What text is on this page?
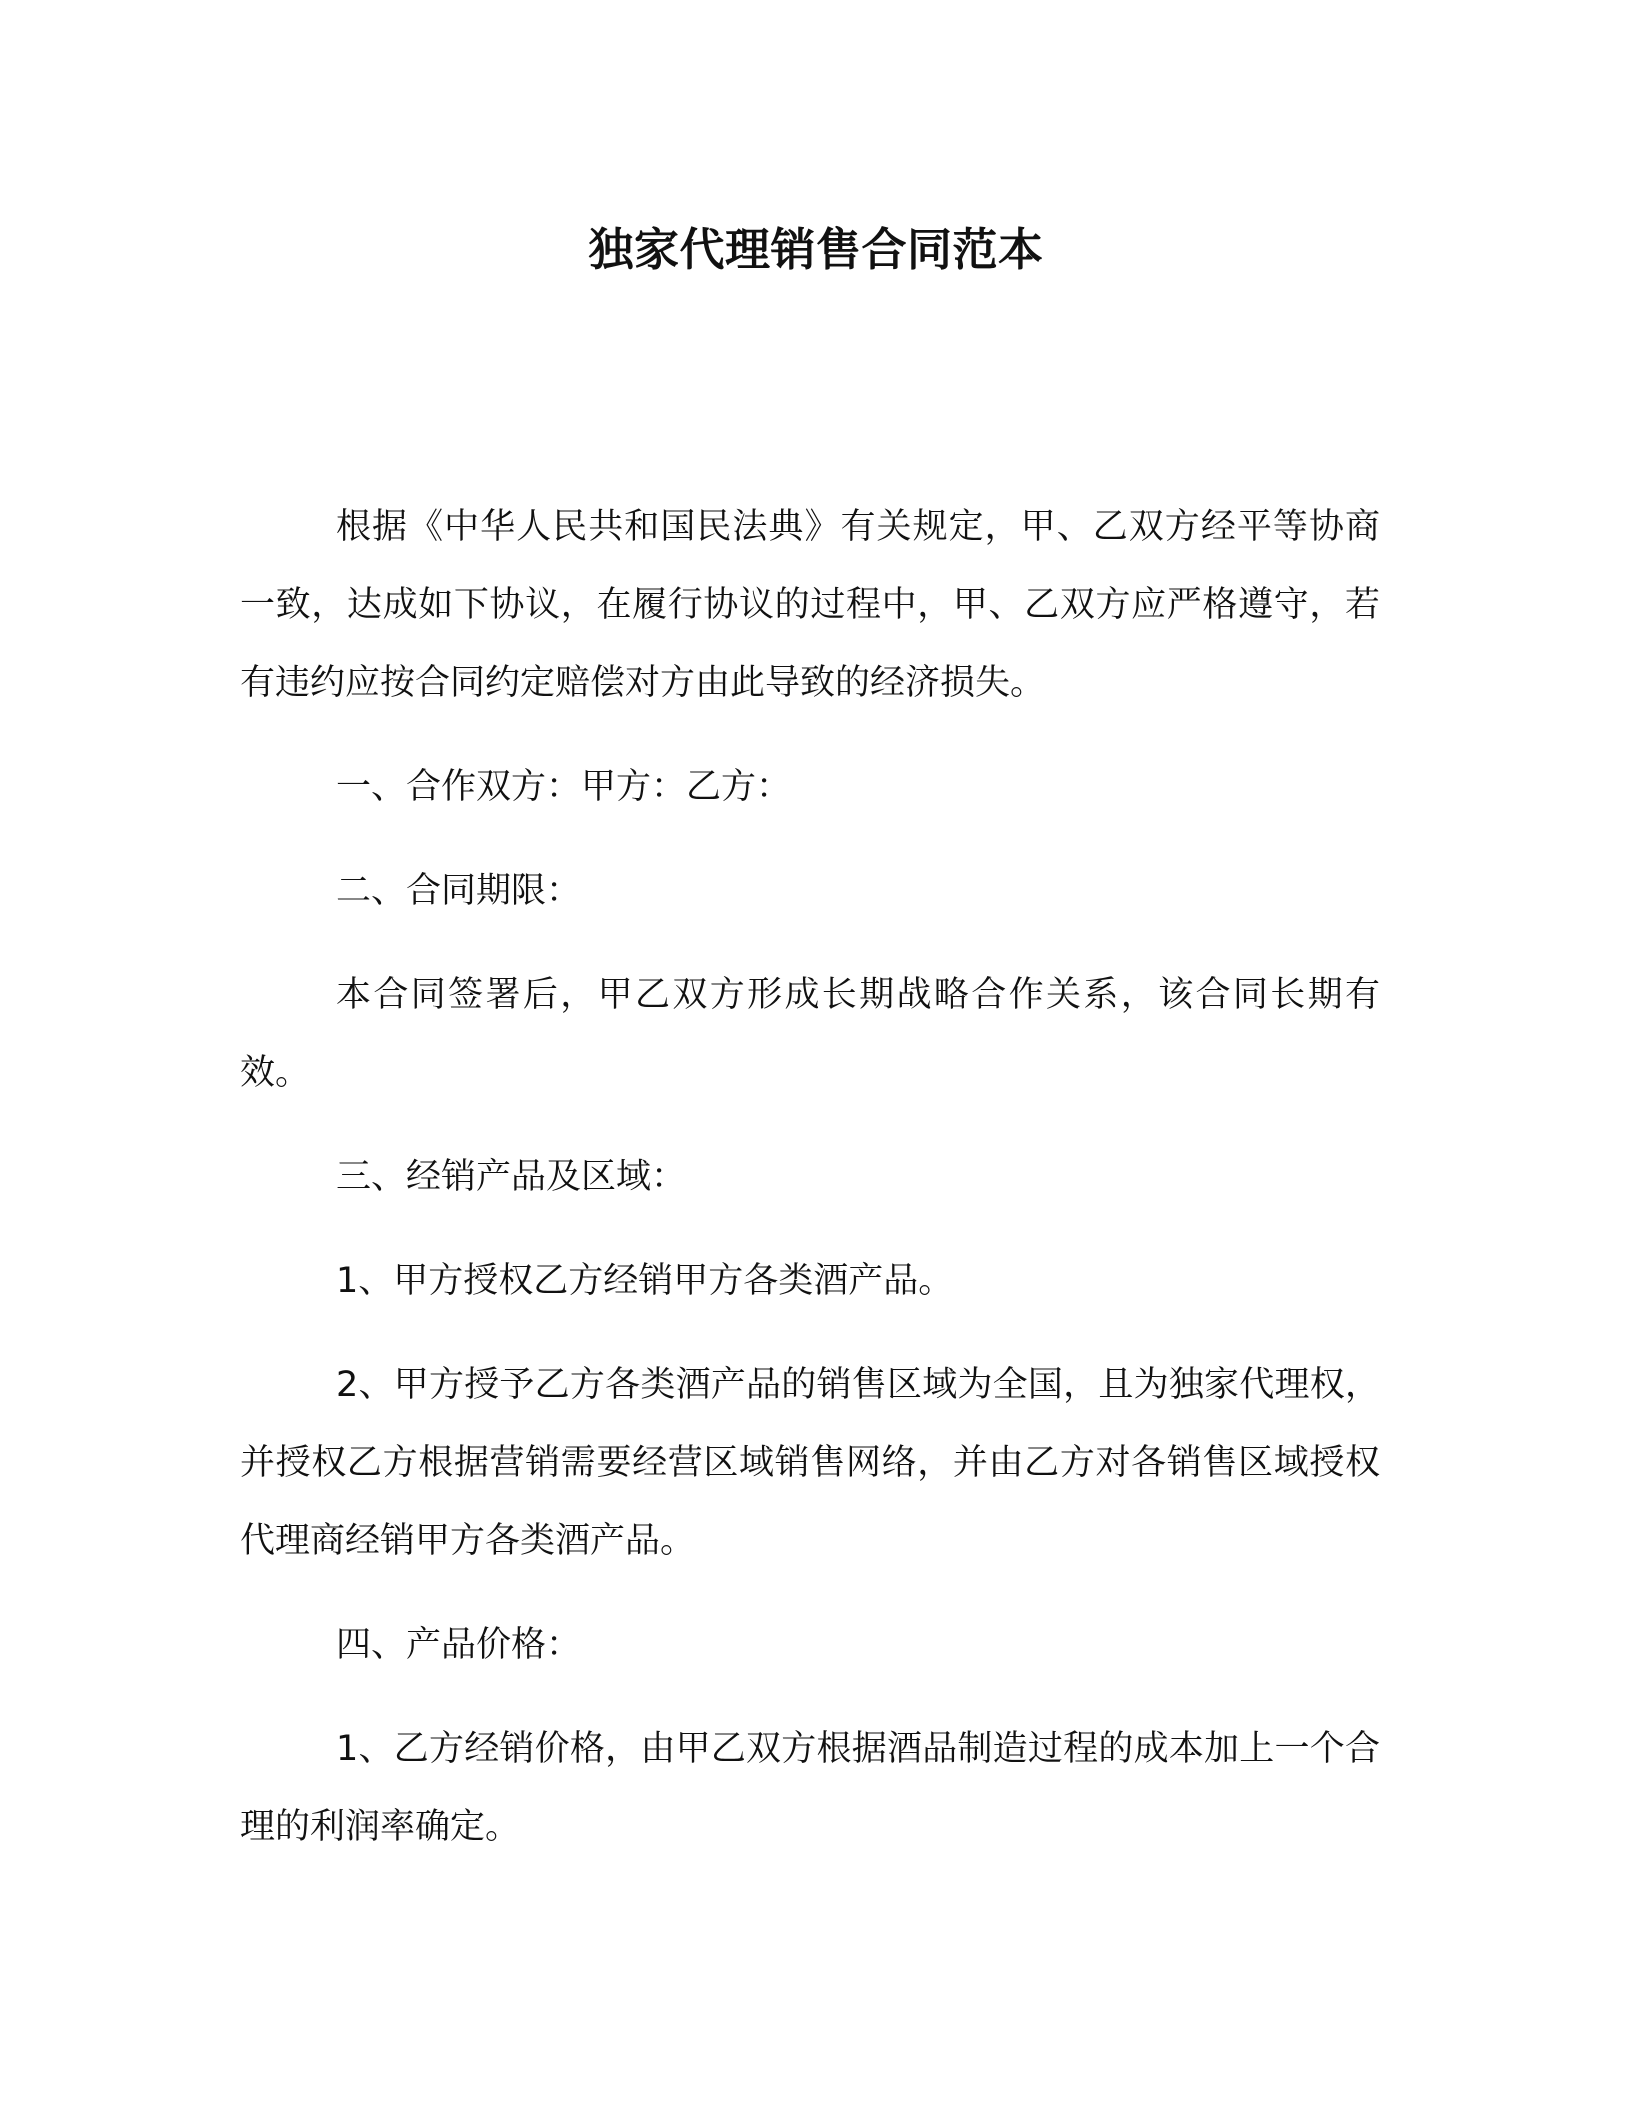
独家代理销售合同范本

根据《中华人民共和国民法典》有关规定，甲、乙双方经平等协商一致，达成如下协议，在履行协议的过程中，甲、乙双方应严格遵守，若有违约应按合同约定赔偿对方由此导致的经济损失。

一、合作双方：甲方：乙方：

二、合同期限：

本合同签署后，甲乙双方形成长期战略合作关系，该合同长期有效。

三、经销产品及区域：

1、甲方授权乙方经销甲方各类酒产品。

2、甲方授予乙方各类酒产品的销售区域为全国，且为独家代理权，并授权乙方根据营销需要经营区域销售网络，并由乙方对各销售区域授权代理商经销甲方各类酒产品。

四、产品价格：

1、乙方经销价格，由甲乙双方根据酒品制造过程的成本加上一个合理的利润率确定。
